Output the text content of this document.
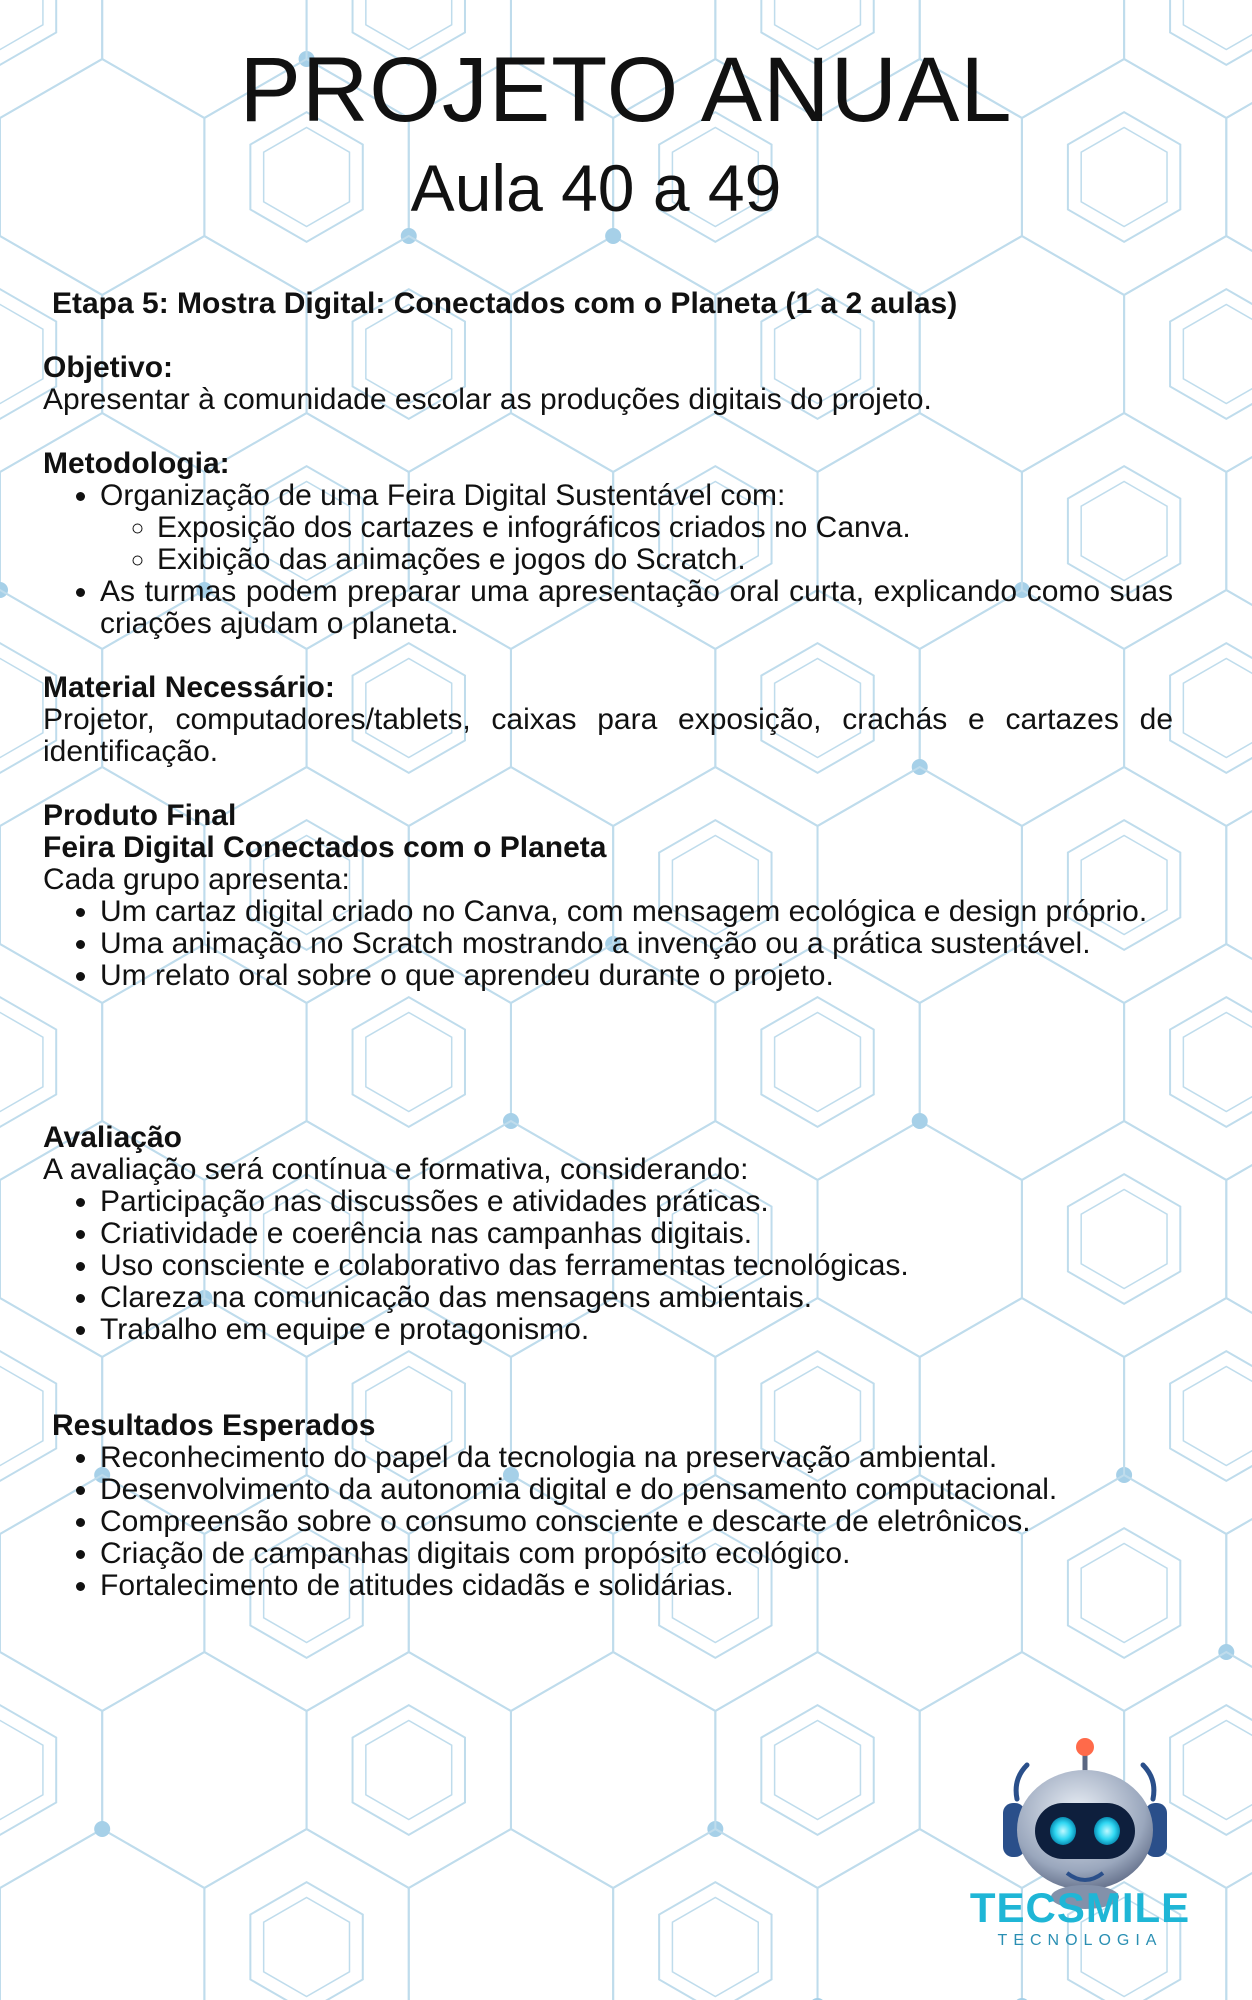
PROJETO ANUAL
Aula 40 a 49
Etapa 5: Mostra Digital: Conectados com o Planeta (1 a 2 aulas)
Objetivo:
Apresentar à comunidade escolar as produções digitais do projeto.
Metodologia:
• Organização de uma Feira Digital Sustentável com:
◦ Exposição dos cartazes e infográficos criados no Canva.
◦ Exibição das animações e jogos do Scratch.
• As turmas podem preparar uma apresentação oral curta, explicando como suas criações ajudam o planeta.
Material Necessário:
Projetor, computadores/tablets, caixas para exposição, crachás e cartazes de identificação.
Produto Final
Feira Digital Conectados com o Planeta
Cada grupo apresenta:
• Um cartaz digital criado no Canva, com mensagem ecológica e design próprio.
• Uma animação no Scratch mostrando a invenção ou a prática sustentável.
• Um relato oral sobre o que aprendeu durante o projeto.
Avaliação
A avaliação será contínua e formativa, considerando:
• Participação nas discussões e atividades práticas.
• Criatividade e coerência nas campanhas digitais.
• Uso consciente e colaborativo das ferramentas tecnológicas.
• Clareza na comunicação das mensagens ambientais.
• Trabalho em equipe e protagonismo.
Resultados Esperados
• Reconhecimento do papel da tecnologia na preservação ambiental.
• Desenvolvimento da autonomia digital e do pensamento computacional.
• Compreensão sobre o consumo consciente e descarte de eletrônicos.
• Criação de campanhas digitais com propósito ecológico.
• Fortalecimento de atitudes cidadãs e solidárias.
TECSMILE
TECNOLOGIA
